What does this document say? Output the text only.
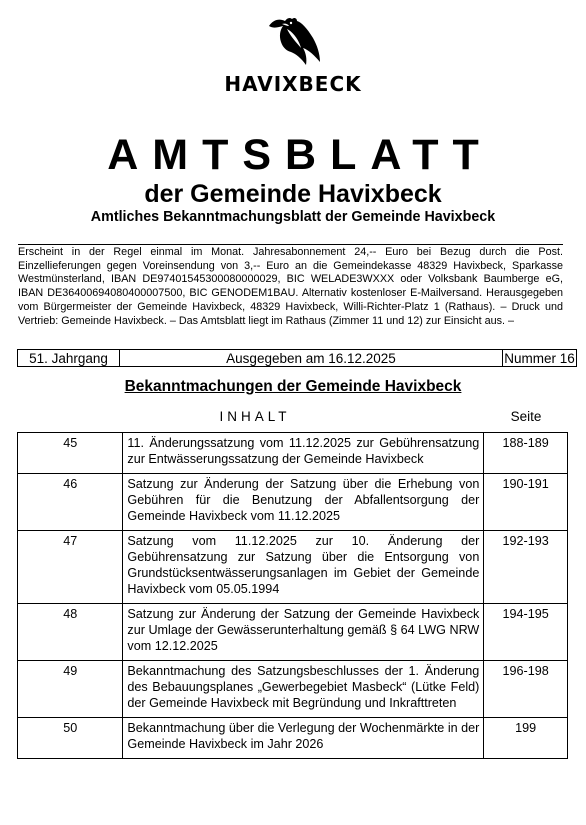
HAVIXBECK
AMTSBLATT
der Gemeinde Havixbeck
Amtliches Bekanntmachungsblatt der Gemeinde Havixbeck
Erscheint in der Regel einmal im Monat. Jahresabonnement 24,-- Euro bei Bezug durch die Post. Einzellieferungen gegen Voreinsendung von 3,-- Euro an die Gemeindekasse 48329 Havixbeck, Sparkasse Westmünsterland, IBAN DE97401545300080000029, BIC WELADE3WXXX oder Volksbank Baumberge eG, IBAN DE36400694080400007500, BIC GENODEM1BAU. Alternativ kostenloser E-Mailversand. Herausgegeben vom Bürgermeister der Gemeinde Havixbeck, 48329 Havixbeck, Willi-Richter-Platz 1 (Rathaus). – Druck und Vertrieb: Gemeinde Havixbeck. – Das Amtsblatt liegt im Rathaus (Zimmer 11 und 12) zur Einsicht aus. –
51. Jahrgang	Ausgegeben am 16.12.2025	Nummer 16
Bekanntmachungen der Gemeinde Havixbeck
INHALT	Seite
45	11. Änderungssatzung vom 11.12.2025 zur Gebührensatzung zur Entwässerungssatzung der Gemeinde Havixbeck	188-189
46	Satzung zur Änderung der Satzung über die Erhebung von Gebühren für die Benutzung der Abfallentsorgung der Gemeinde Havixbeck vom 11.12.2025	190-191
47	Satzung vom 11.12.2025 zur 10. Änderung der Gebührensatzung zur Satzung über die Entsorgung von Grundstücksentwässerungsanlagen im Gebiet der Gemeinde Havixbeck vom 05.05.1994	192-193
48	Satzung zur Änderung der Satzung der Gemeinde Havixbeck zur Umlage der Gewässerunterhaltung gemäß § 64 LWG NRW vom 12.12.2025	194-195
49	Bekanntmachung des Satzungsbeschlusses der 1. Änderung des Bebauungsplanes „Gewerbegebiet Masbeck“ (Lütke Feld) der Gemeinde Havixbeck mit Begründung und Inkrafttreten	196-198
50	Bekanntmachung über die Verlegung der Wochenmärkte in der Gemeinde Havixbeck im Jahr 2026	199
